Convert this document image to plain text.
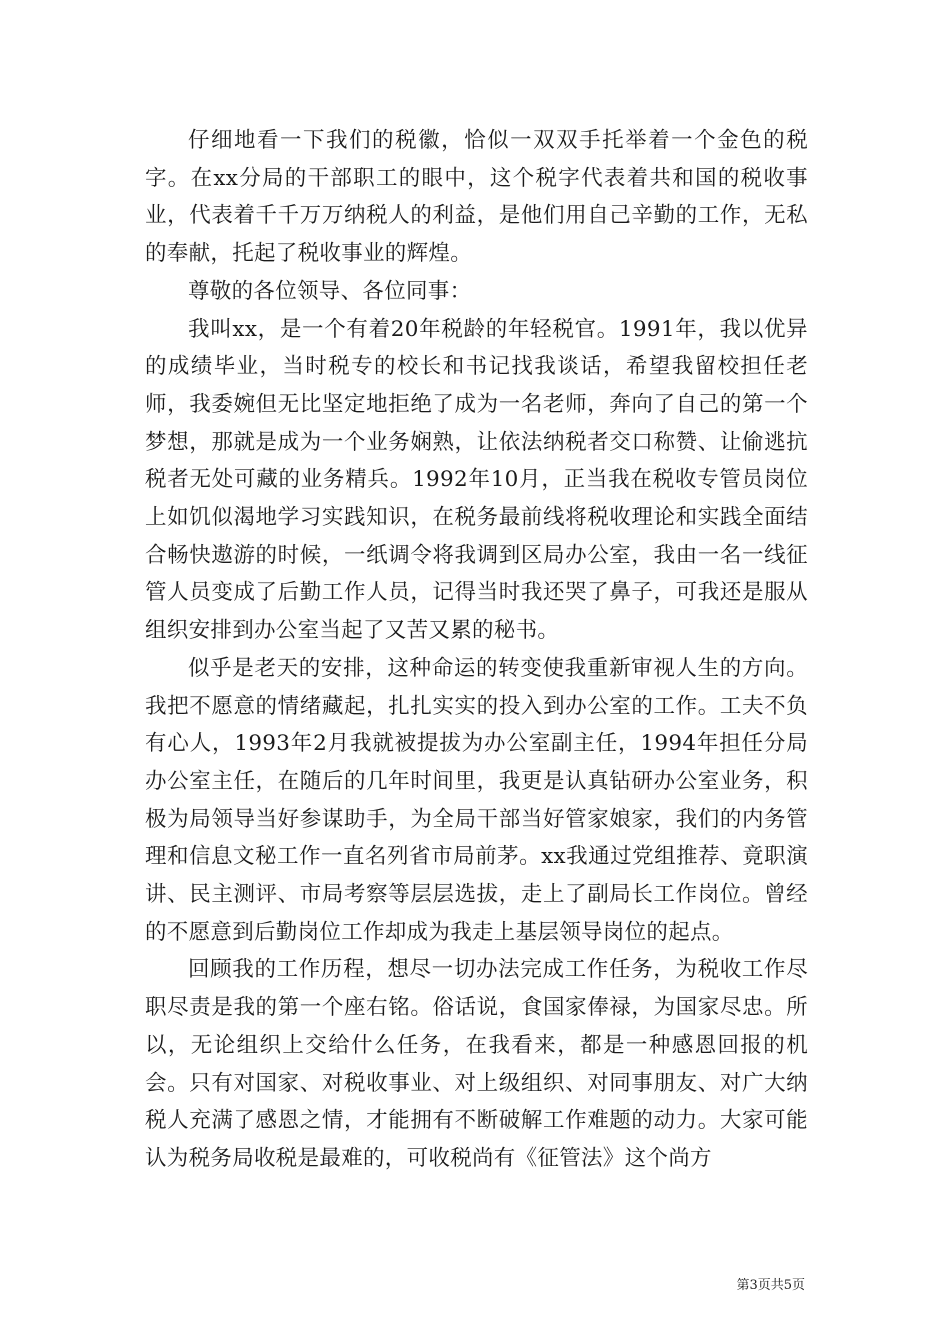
仔细地看一下我们的税徽，恰似一双双手托举着一个金色的税字。在xx分局的干部职工的眼中，这个税字代表着共和国的税收事业，代表着千千万万纳税人的利益，是他们用自己辛勤的工作，无私的奉献，托起了税收事业的辉煌。

尊敬的各位领导、各位同事：

我叫xx，是一个有着20年税龄的年轻税官。1991年，我以优异的成绩毕业，当时税专的校长和书记找我谈话，希望我留校担任老师，我委婉但无比坚定地拒绝了成为一名老师，奔向了自己的第一个梦想，那就是成为一个业务娴熟，让依法纳税者交口称赞、让偷逃抗税者无处可藏的业务精兵。1992年10月，正当我在税收专管员岗位上如饥似渴地学习实践知识，在税务最前线将税收理论和实践全面结合畅快遨游的时候，一纸调令将我调到区局办公室，我由一名一线征管人员变成了后勤工作人员，记得当时我还哭了鼻子，可我还是服从组织安排到办公室当起了又苦又累的秘书。

似乎是老天的安排，这种命运的转变使我重新审视人生的方向。我把不愿意的情绪藏起，扎扎实实的投入到办公室的工作。工夫不负有心人，1993年2月我就被提拔为办公室副主任，1994年担任分局办公室主任，在随后的几年时间里，我更是认真钻研办公室业务，积极为局领导当好参谋助手，为全局干部当好管家娘家，我们的内务管理和信息文秘工作一直名列省市局前茅。xx我通过党组推荐、竟职演讲、民主测评、市局考察等层层选拔，走上了副局长工作岗位。曾经的不愿意到后勤岗位工作却成为我走上基层领导岗位的起点。

回顾我的工作历程，想尽一切办法完成工作任务，为税收工作尽职尽责是我的第一个座右铭。俗话说，食国家俸禄，为国家尽忠。所以，无论组织上交给什么任务，在我看来，都是一种感恩回报的机会。只有对国家、对税收事业、对上级组织、对同事朋友、对广大纳税人充满了感恩之情，才能拥有不断破解工作难题的动力。大家可能认为税务局收税是最难的，可收税尚有《征管法》这个尚方

第3页共5页
